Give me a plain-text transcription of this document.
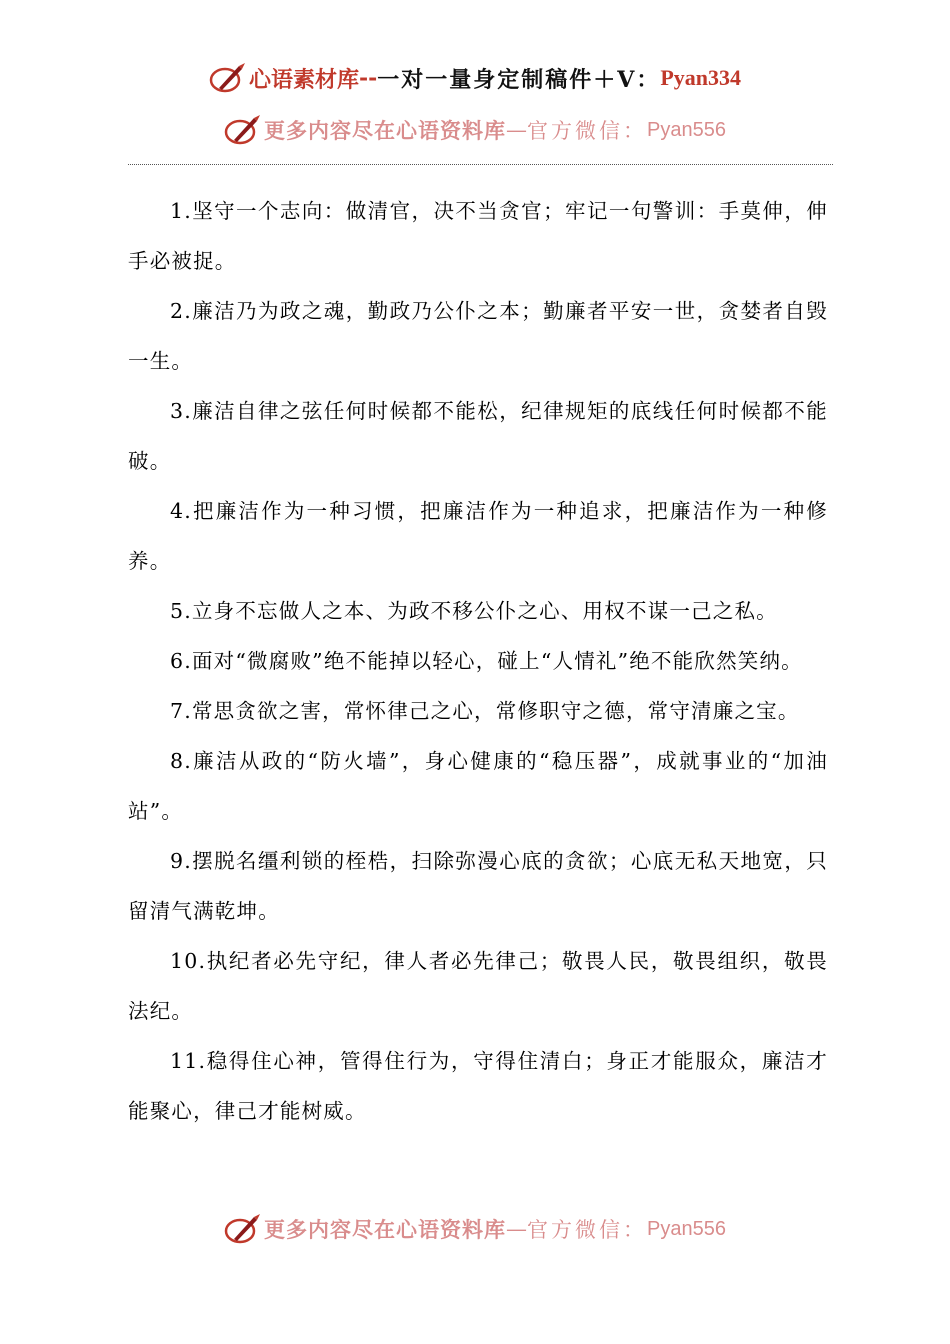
心语素材库 -- 一对一量身定制稿件＋V： Pyan334
更多内容尽在心语资料库 — 官方微信： Pyan556

1.坚守一个志向：做清官，决不当贪官；牢记一句警训：手莫伸，伸手必被捉。

2.廉洁乃为政之魂，勤政乃公仆之本；勤廉者平安一世，贪婪者自毁一生。

3.廉洁自律之弦任何时候都不能松，纪律规矩的底线任何时候都不能破。

4.把廉洁作为一种习惯，把廉洁作为一种追求，把廉洁作为一种修养。

5.立身不忘做人之本、为政不移公仆之心、用权不谋一己之私。

6.面对“微腐败”绝不能掉以轻心，碰上“人情礼”绝不能欣然笑纳。

7.常思贪欲之害，常怀律己之心，常修职守之德，常守清廉之宝。

8.廉洁从政的“防火墙”，身心健康的“稳压器”，成就事业的“加油站”。

9.摆脱名缰利锁的桎梏，扫除弥漫心底的贪欲；心底无私天地宽，只留清气满乾坤。

10.执纪者必先守纪，律人者必先律己；敬畏人民，敬畏组织，敬畏法纪。

11.稳得住心神，管得住行为，守得住清白；身正才能服众，廉洁才能聚心，律己才能树威。

更多内容尽在心语资料库 — 官方微信： Pyan556
